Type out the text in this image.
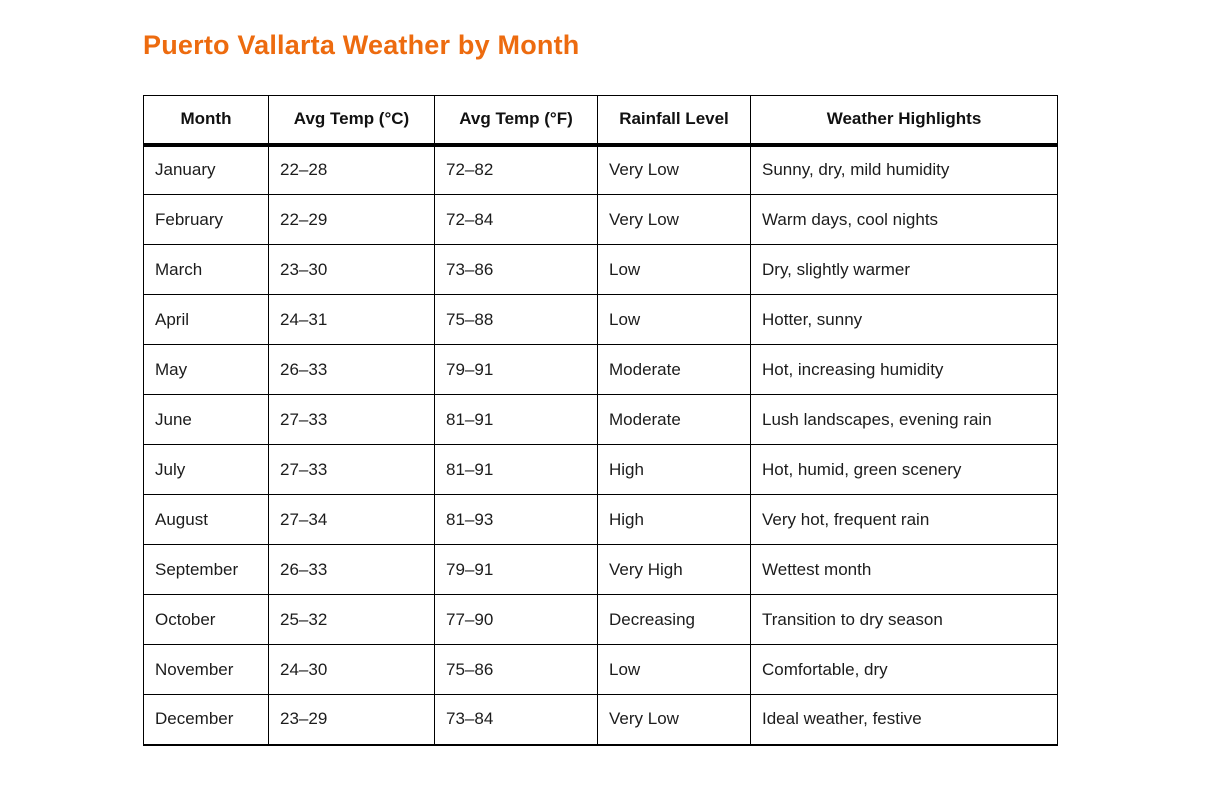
Puerto Vallarta Weather by Month
Month	Avg Temp (°C)	Avg Temp (°F)	Rainfall Level	Weather Highlights
January	22–28	72–82	Very Low	Sunny, dry, mild humidity
February	22–29	72–84	Very Low	Warm days, cool nights
March	23–30	73–86	Low	Dry, slightly warmer
April	24–31	75–88	Low	Hotter, sunny
May	26–33	79–91	Moderate	Hot, increasing humidity
June	27–33	81–91	Moderate	Lush landscapes, evening rain
July	27–33	81–91	High	Hot, humid, green scenery
August	27–34	81–93	High	Very hot, frequent rain
September	26–33	79–91	Very High	Wettest month
October	25–32	77–90	Decreasing	Transition to dry season
November	24–30	75–86	Low	Comfortable, dry
December	23–29	73–84	Very Low	Ideal weather, festive
